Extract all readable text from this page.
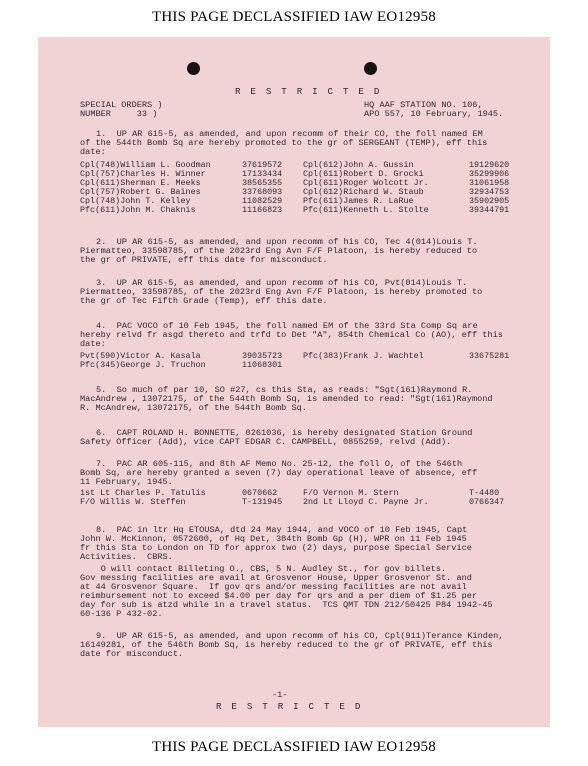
THIS PAGE DECLASSIFIED IAW EO12958
R E S T R I C T E D
HQ AAF STATION NO. 106,
APO 557, 10 February, 1945.
SPECIAL ORDERS )
NUMBER     33 )
1.  UP AR 615-5, as amended, and upon recomm of their CO, the foll named EM
of the 544th Bomb Sq are hereby promoted to the gr of SERGEANT (TEMP), eff this
date:
Cpl(748)William L. Goodman	37619572 Cpl(612)John A. Gussin	19129620
Cpl(757)Charles H. Winner	17133434 Cpl(611)Robert D. Grocki	35299906
Cpl(611)Sherman E. Meeks	38565355 Cpl(611)Roger Wolcott Jr.	31061958
Cpl(757)Robert G. Baines	33768093 Cpl(612)Richard W. Staub	32934753
Cpl(748)John T. Kelley	11082529 Pfc(611)James R. LaRue	35902905
Pfc(611)John M. Chaknis	11166823 Pfc(611)Kenneth L. Stolte	39344791
2.  UP AR 615-5, as amended, and upon recomm of his CO, Tec 4(014)Louis T.
Piermatteo, 33598785, of the 2023rd Eng Avn F/F Platoon, is hereby reduced to
the gr of PRIVATE, eff this date for misconduct.
3.  UP AR 615-5, as amended, and upon recomm of his CO, Pvt(014)Louis T.
Piermatteo, 33598785, of the 2023rd Eng Avn F/F Platoon, is hereby promoted to
the gr of Tec Fifth Grade (Temp), eff this date.
4.  PAC VOCO of 10 Feb 1945, the foll named EM of the 33rd Sta Comp Sq are
hereby relvd fr asgd thereto and trfd to Det "A", 854th Chemical Co (AO), eff this
date:
Pvt(590)Victor A. Kasala	39035723 Pfc(383)Frank J. Wachtel	33675281
Pfc(345)George J. Truchon	11068301
5.  So much of par 10, SO #27, cs this Sta, as reads: "Sgt(161)Raymond R.
MacAndrew , 13072175, of the 544th Bomb Sq, is amended to read: "Sgt(161)Raymond
R. McAndrew, 13072175, of the 544th Bomb Sq.
6.  CAPT ROLAND H. BONNETTE, 0261036, is hereby designated Station Ground
Safety Officer (Add), vice CAPT EDGAR C. CAMPBELL, 0855259, relvd (Add).
7.  PAC AR 605-115, and 8th AF Memo No. 25-12, the foll O, of the 546th
Bomb Sq, are hereby granted a seven (7) day operational leave of absence, eff
11 February, 1945.
1st Lt Charles P. Tatulis	0670662	F/O Vernon M. Stern	T-4480
F/O Willis W. Steffen	T-131945 2nd Lt Lloyd C. Payne Jr.	0766347
8.  PAC in ltr Hq ETOUSA, dtd 24 May 1944, and VOCO of 10 Feb 1945, Capt
John W. McKinnon, 0572600, of Hq Det, 384th Bomb Gp (H), WPR on 11 Feb 1945
fr this Sta to London on TD for approx two (2) days, purpose Special Service
Activities.  CBRS.
O will contact Billeting O., CBS, 5 N. Audley St., for gov billets.
Gov messing facilities are avail at Grosvenor House, Upper Grosvenor St. and
at 44 Grosvenor Square.  If gov qrs and/or messing facilities are not avail
reimbursement not to exceed $4.00 per day for qrs and a per diem of $1.25 per
day for sub is atzd while in a travel status.  TCS QMT TDN 212/50425 P84 1942-45
60-136 P 432-02.
9.  UP AR 615-5, as amended, and upon recomm of his CO, Cpl(911)Terance Kinden,
16149281, of the 546th Bomb Sq, is hereby reduced to the gr of PRIVATE, eff this
date for misconduct.
-1-
R E S T R I C T E D
THIS PAGE DECLASSIFIED IAW EO12958
